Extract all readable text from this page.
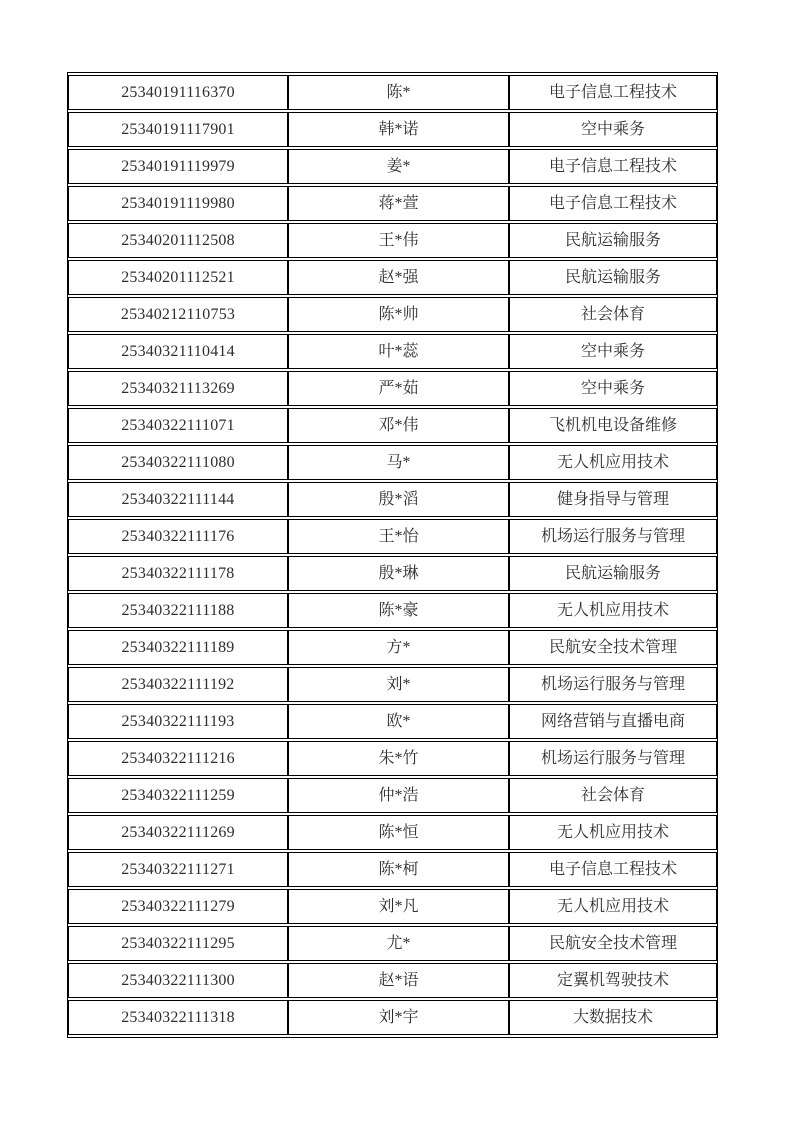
25340191116370	陈*	电子信息工程技术
25340191117901	韩*诺	空中乘务
25340191119979	姜*	电子信息工程技术
25340191119980	蒋*萱	电子信息工程技术
25340201112508	王*伟	民航运输服务
25340201112521	赵*强	民航运输服务
25340212110753	陈*帅	社会体育
25340321110414	叶*蕊	空中乘务
25340321113269	严*茹	空中乘务
25340322111071	邓*伟	飞机机电设备维修
25340322111080	马*	无人机应用技术
25340322111144	殷*滔	健身指导与管理
25340322111176	王*怡	机场运行服务与管理
25340322111178	殷*琳	民航运输服务
25340322111188	陈*豪	无人机应用技术
25340322111189	方*	民航安全技术管理
25340322111192	刘*	机场运行服务与管理
25340322111193	欧*	网络营销与直播电商
25340322111216	朱*竹	机场运行服务与管理
25340322111259	仲*浩	社会体育
25340322111269	陈*恒	无人机应用技术
25340322111271	陈*柯	电子信息工程技术
25340322111279	刘*凡	无人机应用技术
25340322111295	尤*	民航安全技术管理
25340322111300	赵*语	定翼机驾驶技术
25340322111318	刘*宇	大数据技术
